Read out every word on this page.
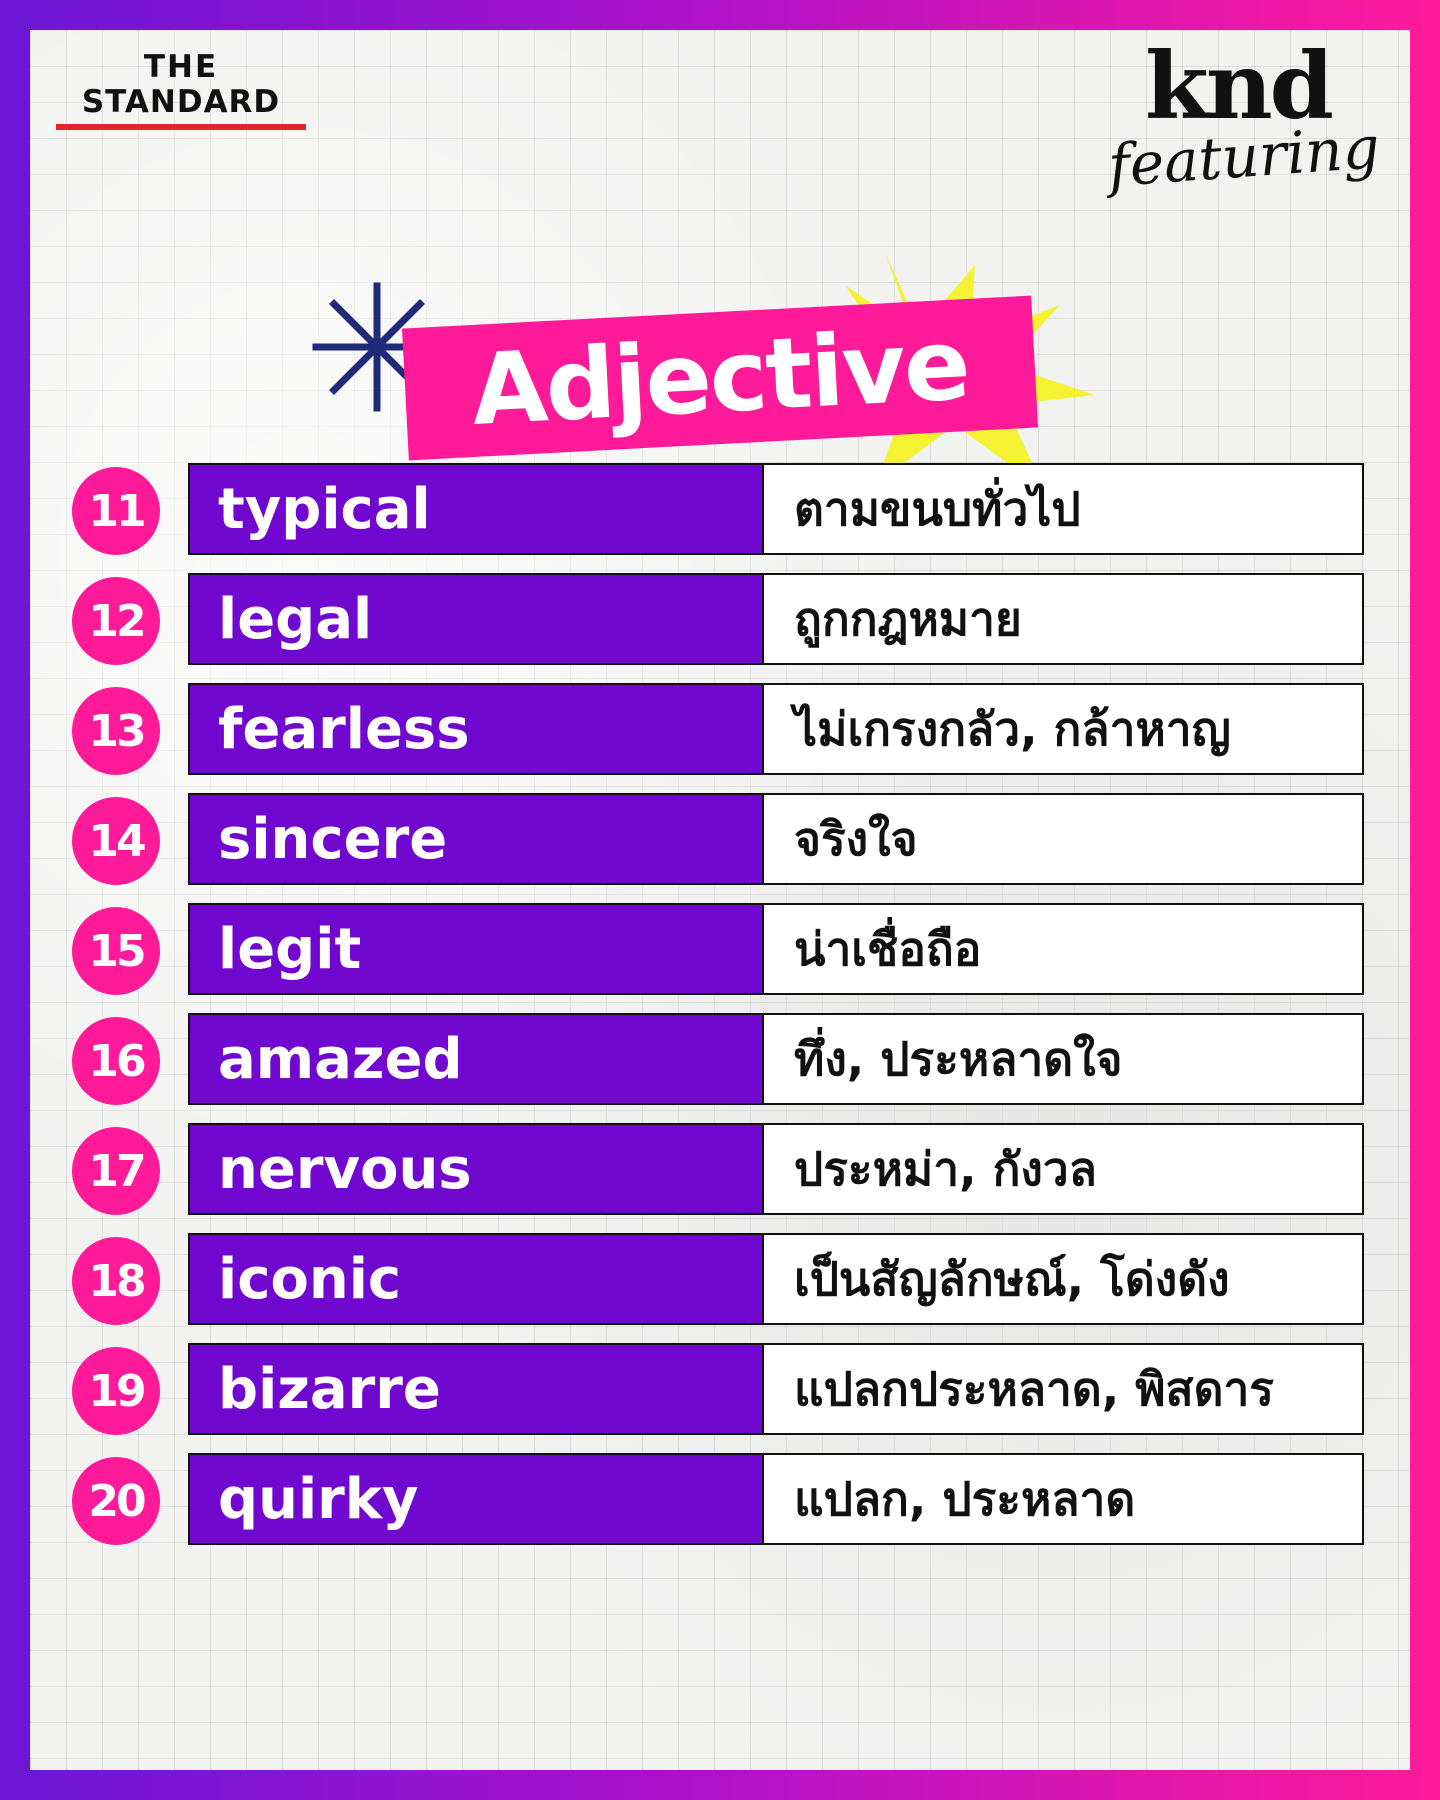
THE
STANDARD	knd
featuring
Adjective
11	typical	ตามขนบทั่วไป
12	legal	ถูกกฎหมาย
13	fearless	ไม่เกรงกลัว, กล้าหาญ
14	sincere	จริงใจ
15	legit	น่าเชื่อถือ
16	amazed	ทึ่ง, ประหลาดใจ
17	nervous	ประหม่า, กังวล
18	iconic	เป็นสัญลักษณ์, โด่งดัง
19	bizarre	แปลกประหลาด, พิสดาร
20	quirky	แปลก, ประหลาด
